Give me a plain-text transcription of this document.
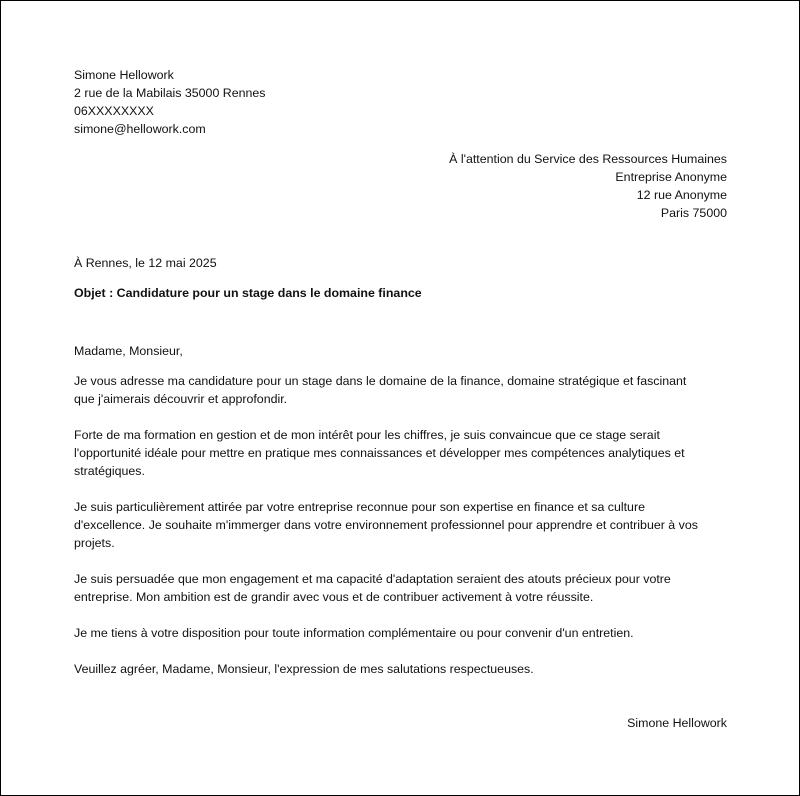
Simone Hellowork
2 rue de la Mabilais 35000 Rennes
06XXXXXXXX
simone@hellowork.com
À l'attention du Service des Ressources Humaines
Entreprise Anonyme
12 rue Anonyme
Paris 75000
À Rennes, le 12 mai 2025
Objet : Candidature pour un stage dans le domaine finance
Madame, Monsieur,
Je vous adresse ma candidature pour un stage dans le domaine de la finance, domaine stratégique et fascinant
que j'aimerais découvrir et approfondir.
Forte de ma formation en gestion et de mon intérêt pour les chiffres, je suis convaincue que ce stage serait
l'opportunité idéale pour mettre en pratique mes connaissances et développer mes compétences analytiques et
stratégiques.
Je suis particulièrement attirée par votre entreprise reconnue pour son expertise en finance et sa culture
d'excellence. Je souhaite m'immerger dans votre environnement professionnel pour apprendre et contribuer à vos
projets.
Je suis persuadée que mon engagement et ma capacité d'adaptation seraient des atouts précieux pour votre
entreprise. Mon ambition est de grandir avec vous et de contribuer activement à votre réussite.
Je me tiens à votre disposition pour toute information complémentaire ou pour convenir d'un entretien.
Veuillez agréer, Madame, Monsieur, l'expression de mes salutations respectueuses.
Simone Hellowork
